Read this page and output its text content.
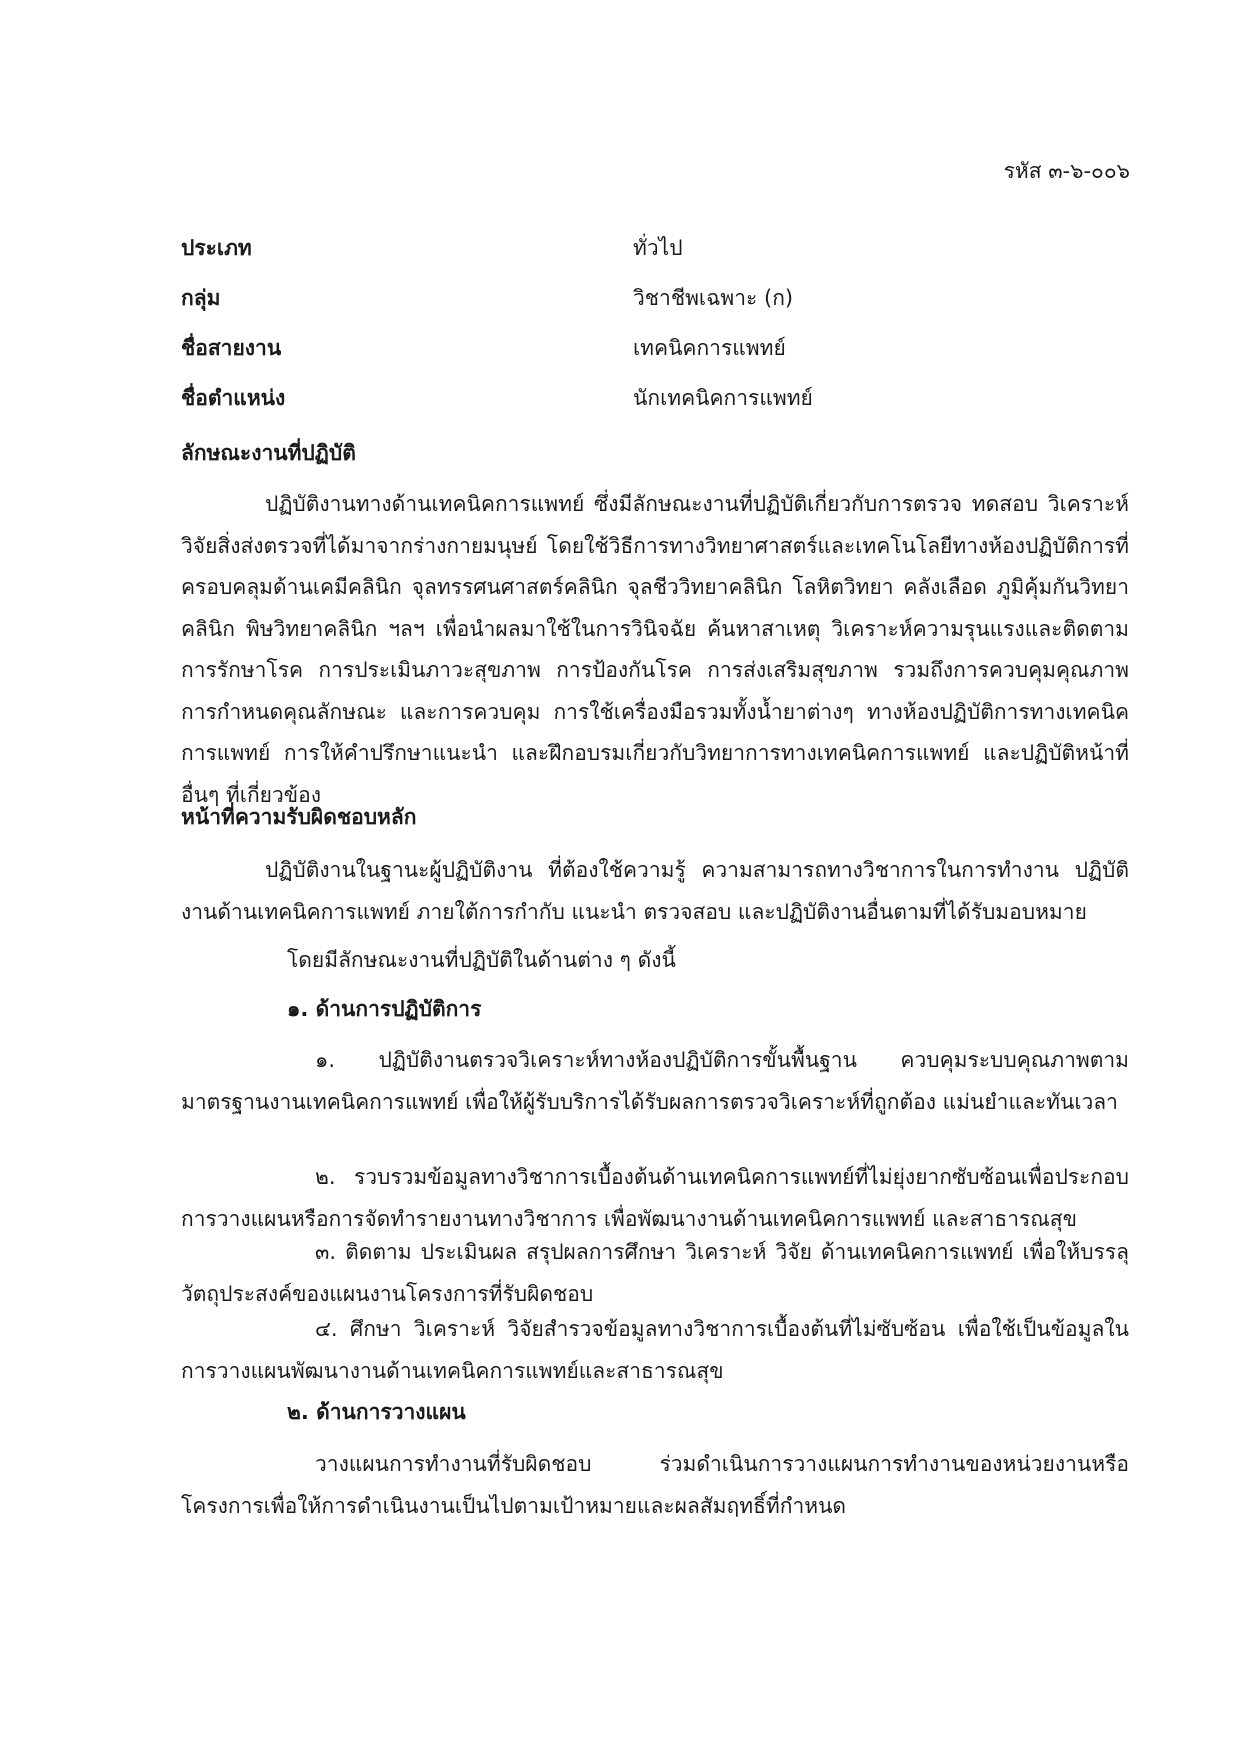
รหัส ๓-๖-๐๐๖
ประเภท	ทั่วไป
กลุ่ม	วิชาชีพเฉพาะ (ก)
ชื่อสายงาน	เทคนิคการแพทย์
ชื่อตำแหน่ง	นักเทคนิคการแพทย์
ลักษณะงานที่ปฏิบัติ

ปฏิบัติงานทางด้านเทคนิคการแพทย์ ซึ่งมีลักษณะงานที่ปฏิบัติเกี่ยวกับการตรวจ ทดสอบ วิเคราะห์ วิจัยสิ่งส่งตรวจที่ได้มาจากร่างกายมนุษย์ โดยใช้วิธีการทางวิทยาศาสตร์และเทคโนโลยีทางห้องปฏิบัติการที่ครอบคลุมด้านเคมีคลินิก จุลทรรศนศาสตร์คลินิก จุลชีววิทยาคลินิก โลหิตวิทยา คลังเลือด ภูมิคุ้มกันวิทยาคลินิก พิษวิทยาคลินิก ฯลฯ เพื่อนำผลมาใช้ในการวินิจฉัย ค้นหาสาเหตุ วิเคราะห์ความรุนแรงและติดตามการรักษาโรค การประเมินภาวะสุขภาพ การป้องกันโรค การส่งเสริมสุขภาพ รวมถึงการควบคุมคุณภาพ การกำหนดคุณลักษณะ และการควบคุม การใช้เครื่องมือรวมทั้งน้ำยาต่างๆ ทางห้องปฏิบัติการทางเทคนิคการแพทย์ การให้คำปรึกษาแนะนำ และฝึกอบรมเกี่ยวกับวิทยาการทางเทคนิคการแพทย์ และปฏิบัติหน้าที่อื่นๆ ที่เกี่ยวข้อง

หน้าที่ความรับผิดชอบหลัก

ปฏิบัติงานในฐานะผู้ปฏิบัติงาน ที่ต้องใช้ความรู้ ความสามารถทางวิชาการในการทำงาน ปฏิบัติงานด้านเทคนิคการแพทย์ ภายใต้การกำกับ แนะนำ ตรวจสอบ และปฏิบัติงานอื่นตามที่ได้รับมอบหมาย

โดยมีลักษณะงานที่ปฏิบัติในด้านต่าง ๆ ดังนี้
๑. ด้านการปฏิบัติการ

๑. ปฏิบัติงานตรวจวิเคราะห์ทางห้องปฏิบัติการขั้นพื้นฐาน ควบคุมระบบคุณภาพตามมาตรฐานงานเทคนิคการแพทย์ เพื่อให้ผู้รับบริการได้รับผลการตรวจวิเคราะห์ที่ถูกต้อง แม่นยำและทันเวลา

๒. รวบรวมข้อมูลทางวิชาการเบื้องต้นด้านเทคนิคการแพทย์ที่ไม่ยุ่งยากซับซ้อนเพื่อประกอบการวางแผนหรือการจัดทำรายงานทางวิชาการ เพื่อพัฒนางานด้านเทคนิคการแพทย์ และสาธารณสุข

๓. ติดตาม ประเมินผล สรุปผลการศึกษา วิเคราะห์ วิจัย ด้านเทคนิคการแพทย์ เพื่อให้บรรลุวัตถุประสงค์ของแผนงานโครงการที่รับผิดชอบ

๔. ศึกษา วิเคราะห์ วิจัยสำรวจข้อมูลทางวิชาการเบื้องต้นที่ไม่ซับซ้อน เพื่อใช้เป็นข้อมูลในการวางแผนพัฒนางานด้านเทคนิคการแพทย์และสาธารณสุข

๒. ด้านการวางแผน

วางแผนการทำงานที่รับผิดชอบ ร่วมดำเนินการวางแผนการทำงานของหน่วยงานหรือโครงการเพื่อให้การดำเนินงานเป็นไปตามเป้าหมายและผลสัมฤทธิ์ที่กำหนด
